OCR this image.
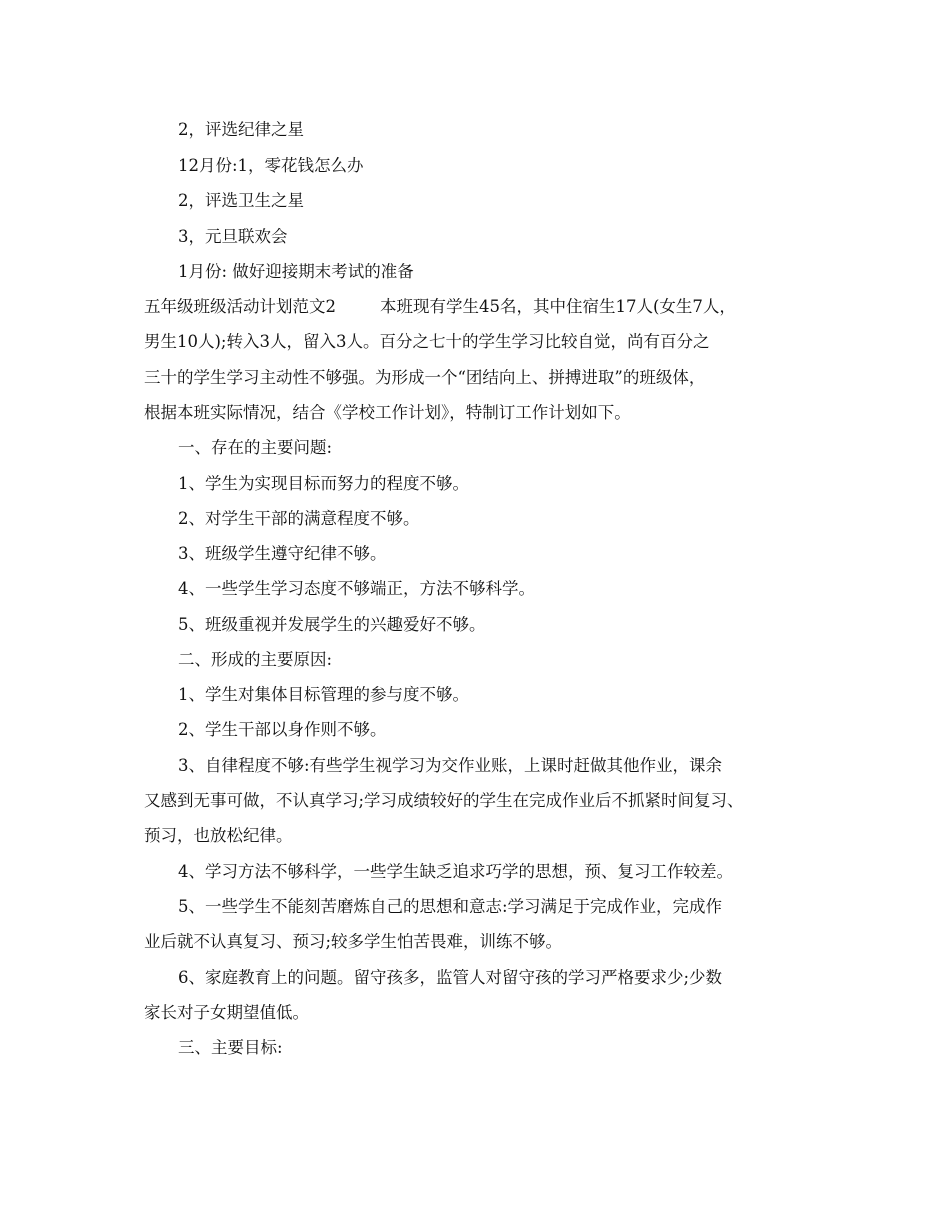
2，评选纪律之星
12月份:1，零花钱怎么办
2，评选卫生之星
3，元旦联欢会
1月份: 做好迎接期末考试的准备
五年级班级活动计划范文2	本班现有学生45名，其中住宿生17人(女生7人，
男生10人);转入3人，留入3人。百分之七十的学生学习比较自觉，尚有百分之
三十的学生学习主动性不够强。为形成一个“团结向上、拼搏进取”的班级体，
根据本班实际情况，结合《学校工作计划》，特制订工作计划如下。
一、存在的主要问题:
1、学生为实现目标而努力的程度不够。
2、对学生干部的满意程度不够。
3、班级学生遵守纪律不够。
4、一些学生学习态度不够端正，方法不够科学。
5、班级重视并发展学生的兴趣爱好不够。
二、形成的主要原因:
1、学生对集体目标管理的参与度不够。
2、学生干部以身作则不够。
3、自律程度不够:有些学生视学习为交作业账，上课时赶做其他作业，课余
又感到无事可做，不认真学习;学习成绩较好的学生在完成作业后不抓紧时间复习、
预习，也放松纪律。
4、学习方法不够科学，一些学生缺乏追求巧学的思想，预、复习工作较差。
5、一些学生不能刻苦磨炼自己的思想和意志:学习满足于完成作业，完成作
业后就不认真复习、预习;较多学生怕苦畏难，训练不够。
6、家庭教育上的问题。留守孩多，监管人对留守孩的学习严格要求少;少数
家长对子女期望值低。
三、主要目标:
